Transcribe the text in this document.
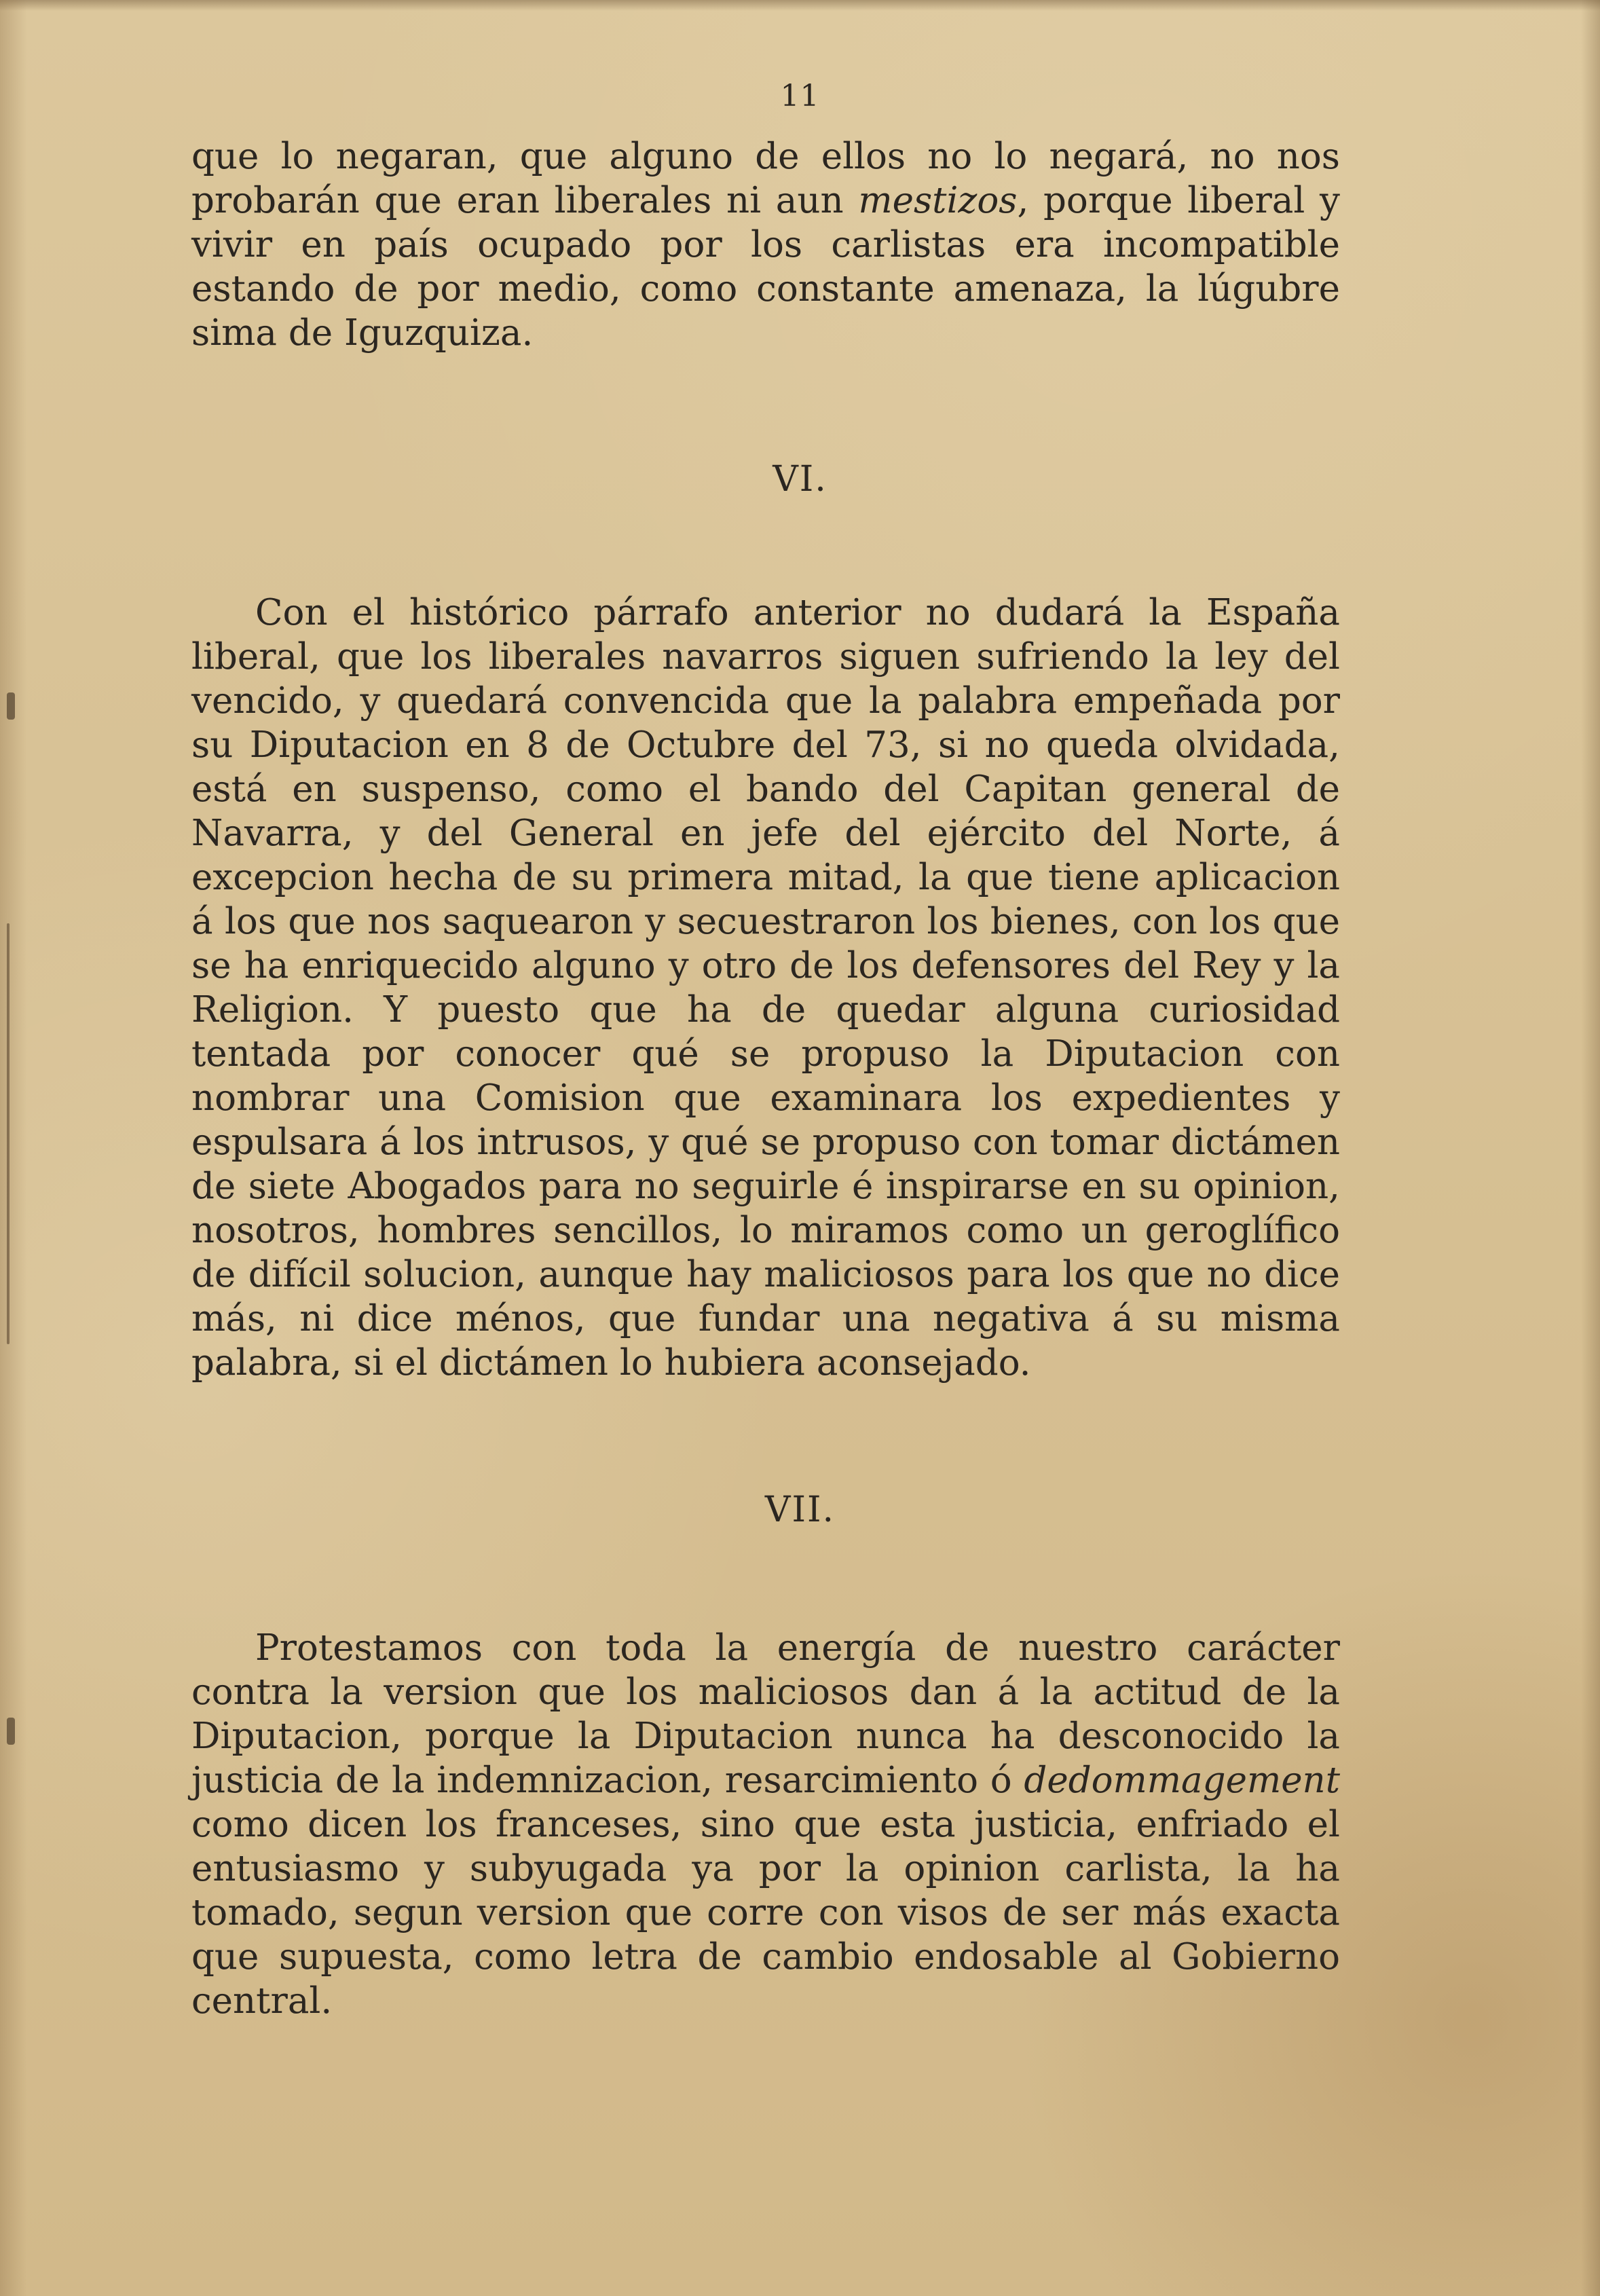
11
que lo negaran, que alguno de ellos no lo negará, no nos probarán que eran liberales ni aun mestizos, porque liberal y vivir en país ocupado por los carlistas era incompatible estando de por medio, como constante amenaza, la lúgubre sima de Iguzquiza.
VI.
Con el histórico párrafo anterior no dudará la España liberal, que los liberales navarros siguen sufriendo la ley del vencido, y quedará convencida que la palabra empeñada por su Diputacion en 8 de Octubre del 73, si no queda olvidada, está en suspenso, como el bando del Capitan general de Navarra, y del General en jefe del ejército del Norte, á excepcion hecha de su primera mitad, la que tiene aplicacion á los que nos saquearon y secuestraron los bienes, con los que se ha enriquecido alguno y otro de los defensores del Rey y la Religion. Y puesto que ha de quedar alguna curiosidad tentada por conocer qué se propuso la Diputacion con nombrar una Comision que examinara los expedientes y espulsara á los intrusos, y qué se propuso con tomar dictámen de siete Abogados para no seguirle é inspirarse en su opinion, nosotros, hombres sencillos, lo miramos como un geroglífico de difícil solucion, aunque hay maliciosos para los que no dice más, ni dice ménos, que fundar una negativa á su misma palabra, si el dictámen lo hubiera aconsejado.
VII.
Protestamos con toda la energía de nuestro carácter contra la version que los maliciosos dan á la actitud de la Diputacion, porque la Diputacion nunca ha desconocido la justicia de la indemnizacion, resarcimiento ó dedommagement como dicen los franceses, sino que esta justicia, enfriado el entusiasmo y subyugada ya por la opinion carlista, la ha tomado, segun version que corre con visos de ser más exacta que supuesta, como letra de cambio endosable al Gobierno central.
